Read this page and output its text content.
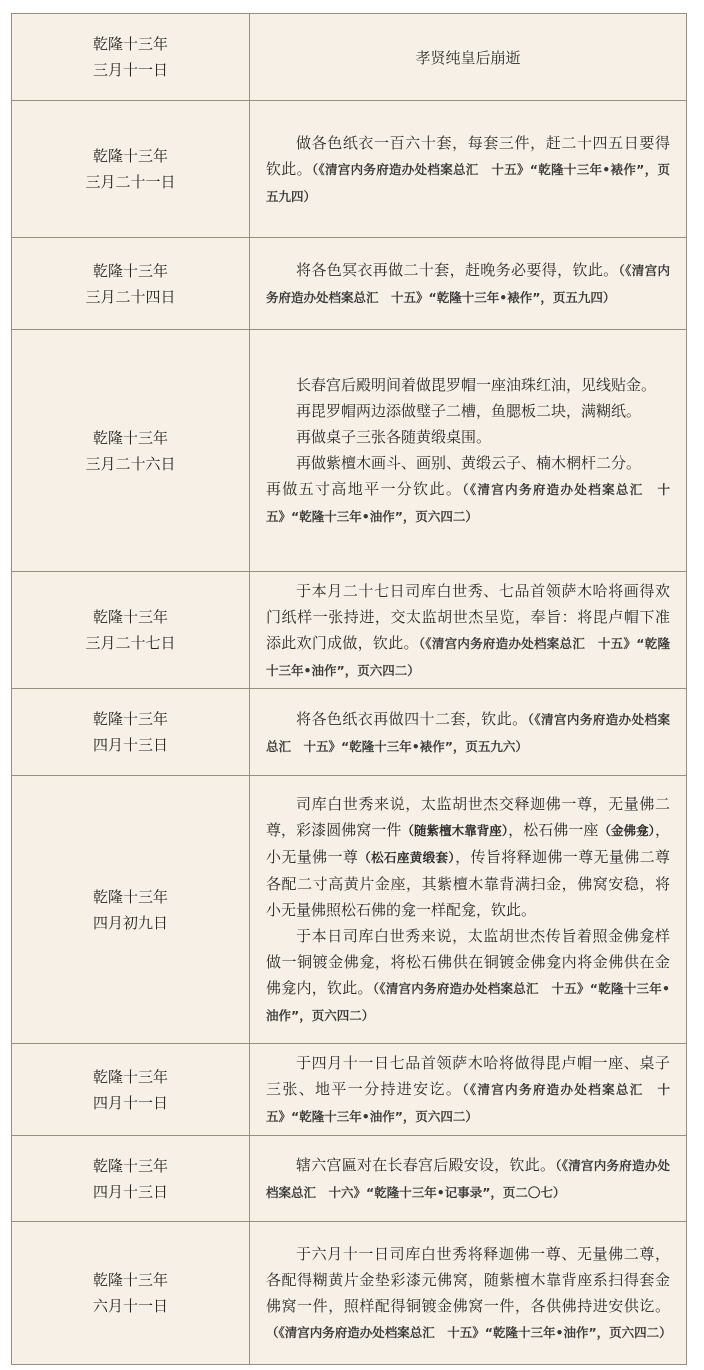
乾隆十三年
三月十一日
孝贤纯皇后崩逝
乾隆十三年
三月二十一日

做各色纸衣一百六十套，每套三件，赶二十四五日要得钦此。（《清宫内务府造办处档案总汇　十五》“乾隆十三年•裱作”，页五九四）

乾隆十三年
三月二十四日

将各色冥衣再做二十套，赶晚务必要得，钦此。（《清宫内务府造办处档案总汇　十五》“乾隆十三年•裱作”，页五九四）

乾隆十三年
三月二十六日

长春宫后殿明间着做毘罗帽一座油珠红油，见线贴金。

再毘罗帽两边添做璧子二槽，鱼腮板二块，满糊纸。

再做桌子三张各随黄缎桌围。

再做紫檀木画斗、画别、黄缎云子、楠木棢杆二分。

再做五寸高地平一分钦此。（《清宫内务府造办处档案总汇　十五》“乾隆十三年•油作”，页六四二）

乾隆十三年
三月二十七日

于本月二十七日司库白世秀、七品首领萨木哈将画得欢门纸样一张持进，交太监胡世杰呈览，奉旨：将毘卢帽下准添此欢门成做，钦此。（《清宫内务府造办处档案总汇　十五》“乾隆十三年•油作”，页六四二）

乾隆十三年
四月十三日

将各色纸衣再做四十二套，钦此。（《清宫内务府造办处档案总汇　十五》“乾隆十三年•裱作”，页五九六）

乾隆十三年
四月初九日

司库白世秀来说，太监胡世杰交释迦佛一尊，无量佛二尊，彩漆圆佛窝一件（随紫檀木靠背座），松石佛一座（金佛龛），小无量佛一尊（松石座黄缎套），传旨将释迦佛一尊无量佛二尊各配二寸高黄片金座，其紫檀木靠背满扫金，佛窝安稳，将小无量佛照松石佛的龛一样配龛，钦此。

于本日司库白世秀来说，太监胡世杰传旨着照金佛龛样做一铜镀金佛龛，将松石佛供在铜镀金佛龛内将金佛供在金佛龛内，钦此。（《清宫内务府造办处档案总汇　十五》“乾隆十三年•油作”，页六四二）

乾隆十三年
四月十一日

于四月十一日七品首领萨木哈将做得毘卢帽一座、桌子三张、地平一分持进安讫。（《清宫内务府造办处档案总汇　十五》“乾隆十三年•油作”，页六四二）

乾隆十三年
四月十三日

辖六宫匾对在长春宫后殿安设，钦此。（《清宫内务府造办处档案总汇　十六》“乾隆十三年•记事录”，页二〇七）

乾隆十三年
六月十一日

于六月十一日司库白世秀将释迦佛一尊、无量佛二尊，各配得糊黄片金垫彩漆元佛窝，随紫檀木靠背座系扫得套金佛窝一件，照样配得铜镀金佛窝一件，各供佛持进安供讫。（《清宫内务府造办处档案总汇　十五》“乾隆十三年•油作”，页六四二）
